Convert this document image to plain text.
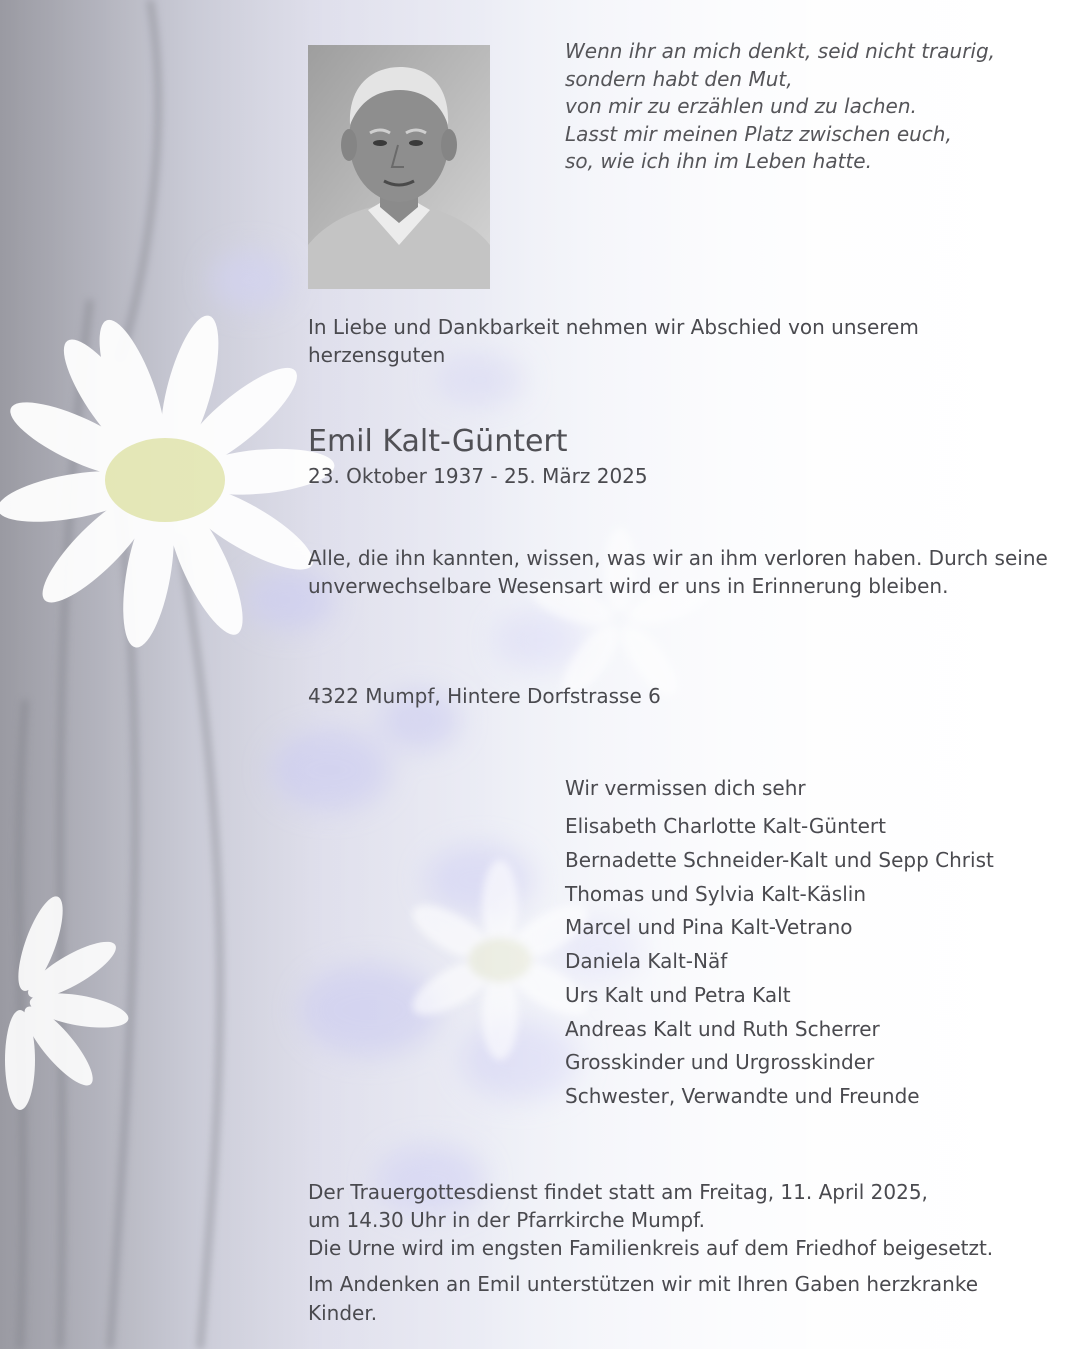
Wenn ihr an mich denkt, seid nicht traurig,
sondern habt den Mut,
von mir zu erzählen und zu lachen.
Lasst mir meinen Platz zwischen euch,
so, wie ich ihn im Leben hatte.
In Liebe und Dankbarkeit nehmen wir Abschied von unserem herzensguten
Emil Kalt-Güntert
23. Oktober 1937 - 25. März 2025
Alle, die ihn kannten, wissen, was wir an ihm verloren haben. Durch seine unverwechselbare Wesensart wird er uns in Erinnerung bleiben.
4322 Mumpf, Hintere Dorfstrasse 6
Wir vermissen dich sehr
Elisabeth Charlotte Kalt-Güntert
Bernadette Schneider-Kalt und Sepp Christ
Thomas und Sylvia Kalt-Käslin
Marcel und Pina Kalt-Vetrano
Daniela Kalt-Näf
Urs Kalt und Petra Kalt
Andreas Kalt und Ruth Scherrer
Grosskinder und Urgrosskinder
Schwester, Verwandte und Freunde
Der Trauergottesdienst findet statt am Freitag, 11. April 2025,
um 14.30 Uhr in der Pfarrkirche Mumpf.
Die Urne wird im engsten Familienkreis auf dem Friedhof beigesetzt.
Im Andenken an Emil unterstützen wir mit Ihren Gaben herzkranke Kinder.
